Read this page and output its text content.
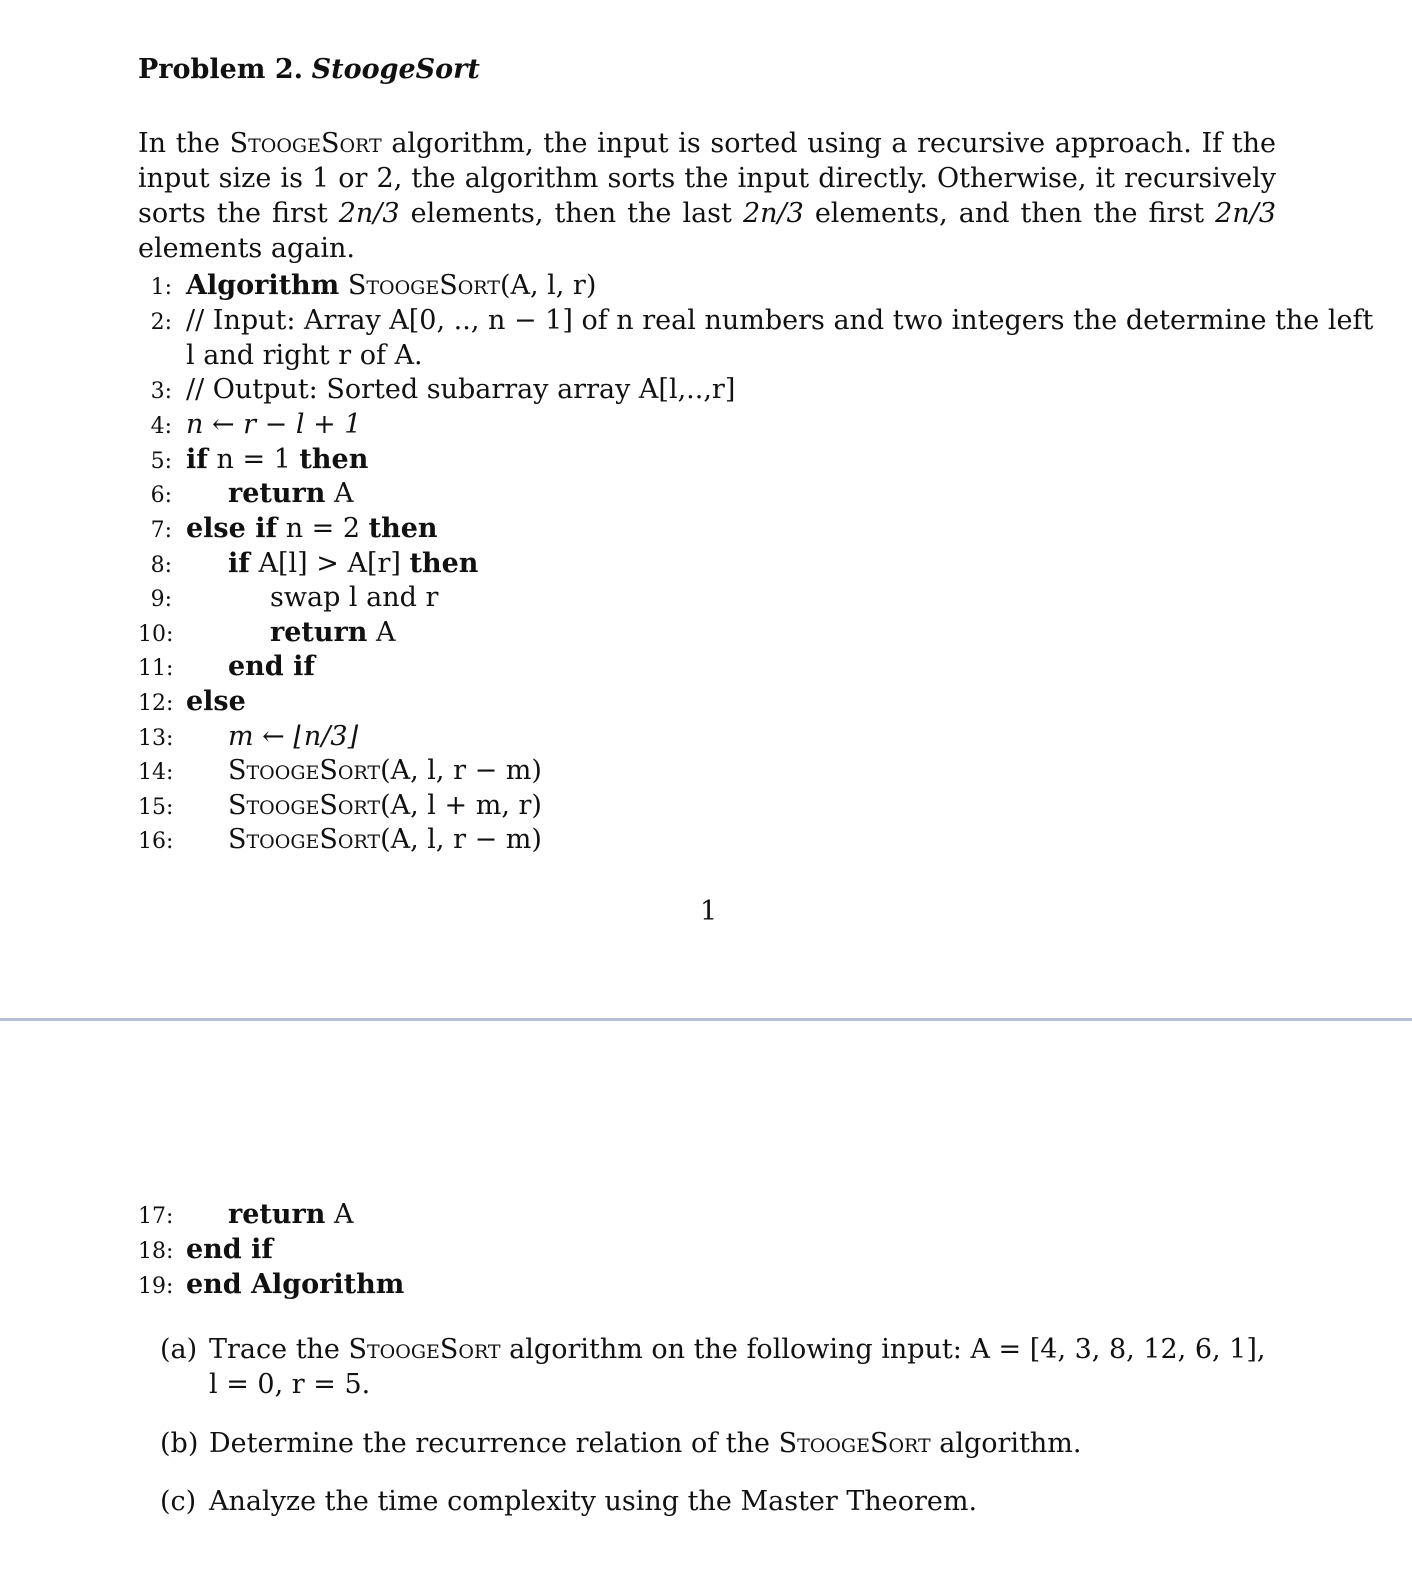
Problem 2. StoogeSort
In the StoogeSort algorithm, the input is sorted using a recursive approach. If the input size is 1 or 2, the algorithm sorts the input directly. Otherwise, it recursively sorts the first 2n/3 elements, then the last 2n/3 elements, and then the first 2n/3 elements again.
1: Algorithm StoogeSort(A, l, r)
2: // Input: Array A[0, .., n − 1] of n real numbers and two integers the determine the left
l and right r of A.
3: // Output: Sorted subarray array A[l,..,r]
4: n ← r − l + 1
5: if n = 1 then
6: return A
7: else if n = 2 then
8: if A[l] > A[r] then
9:	swap l and r
10:	return A
11: end if
12: else
13: m ← ⌊n/3⌋
14: StoogeSort(A, l, r − m)
15: StoogeSort(A, l + m, r)
16: StoogeSort(A, l, r − m)
1
17: return A
18: end if
19: end Algorithm
(a) Trace the StoogeSort algorithm on the following input: A = [4, 3, 8, 12, 6, 1], l = 0, r = 5.
(b) Determine the recurrence relation of the StoogeSort algorithm.
(c) Analyze the time complexity using the Master Theorem.
